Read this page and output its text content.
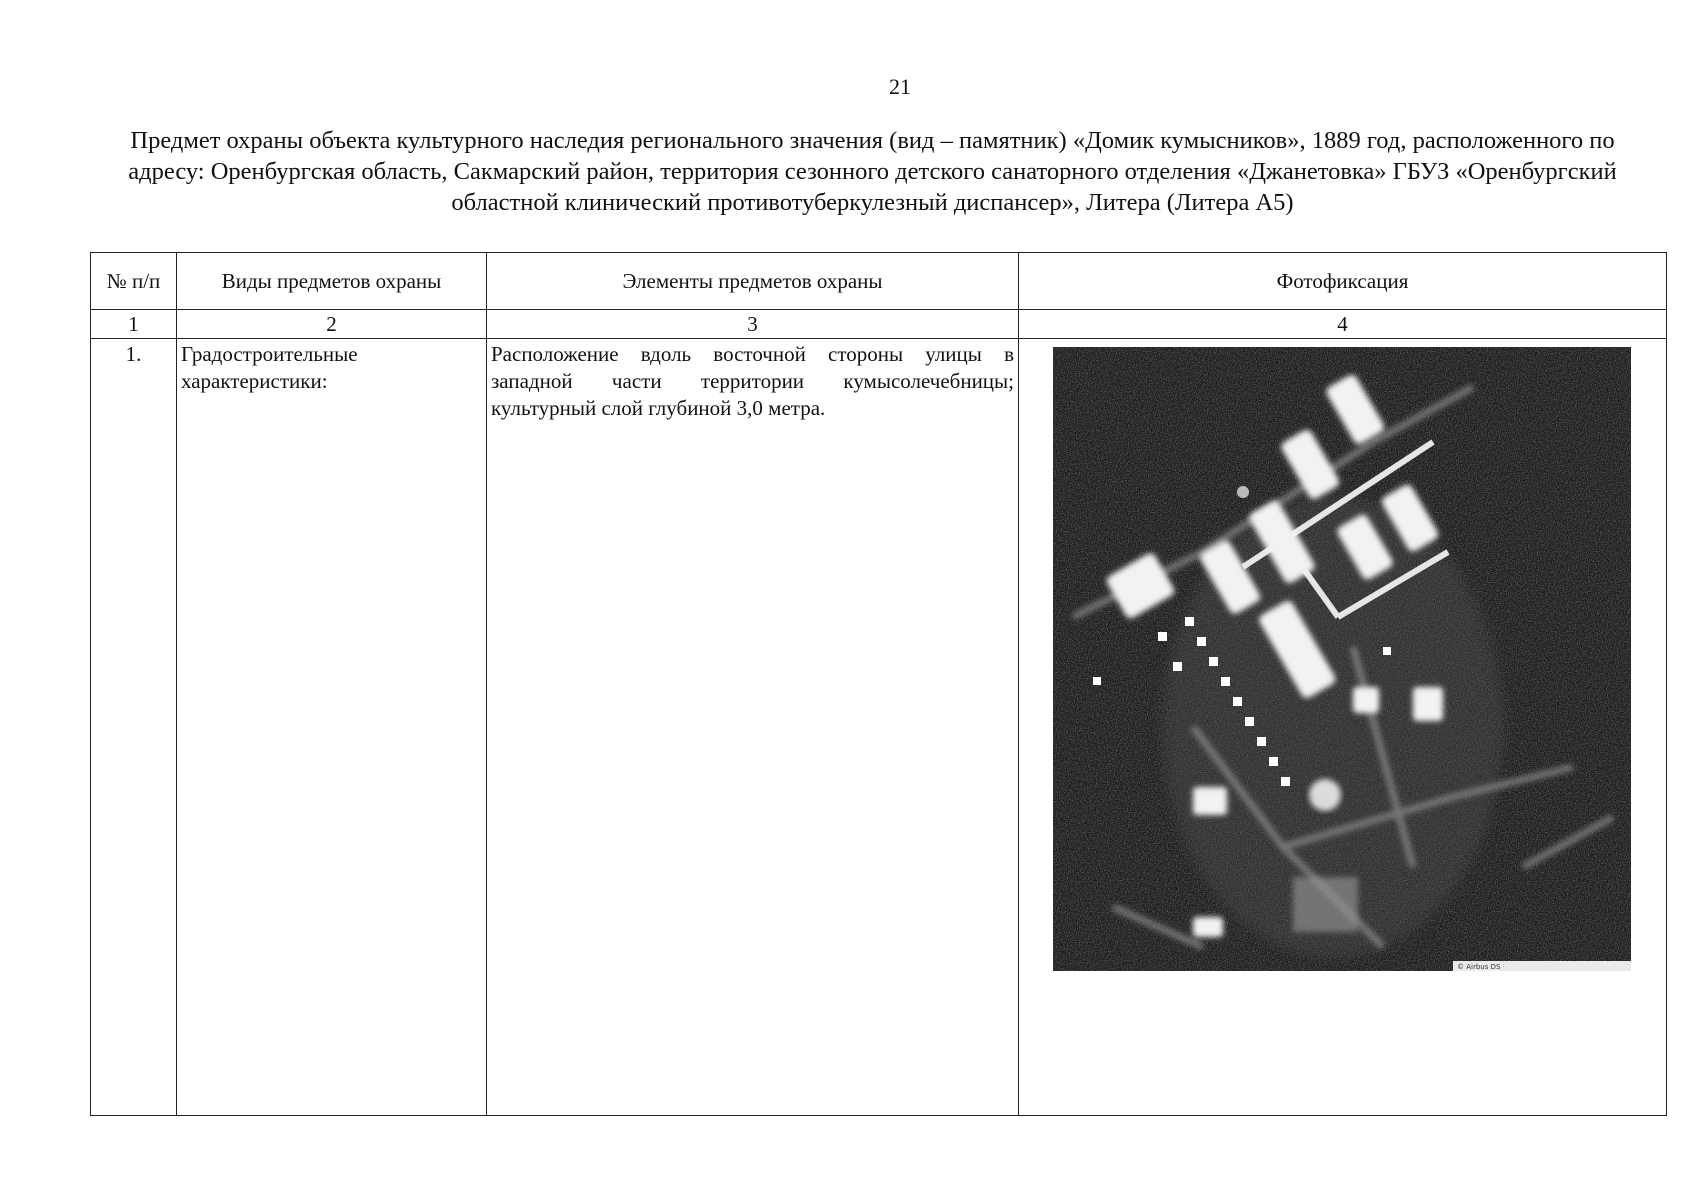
21
Предмет охраны объекта культурного наследия регионального значения (вид – памятник) «Домик кумысников», 1889 год, расположенного по адресу: Оренбургская область, Сакмарский район, территория сезонного детского санаторного отделения «Джанетовка» ГБУЗ «Оренбургский областной клинический противотуберкулезный диспансер», Литера (Литера А5)
№ п/п	Виды предметов охраны	Элементы предметов охраны	Фотофиксация
1	2	3	4
1.	Градостроительные характеристики:	Расположение вдоль восточной стороны улицы в западной части территории кумысолечебницы; культурный слой глубиной 3,0 метра.	© Airbus DS
